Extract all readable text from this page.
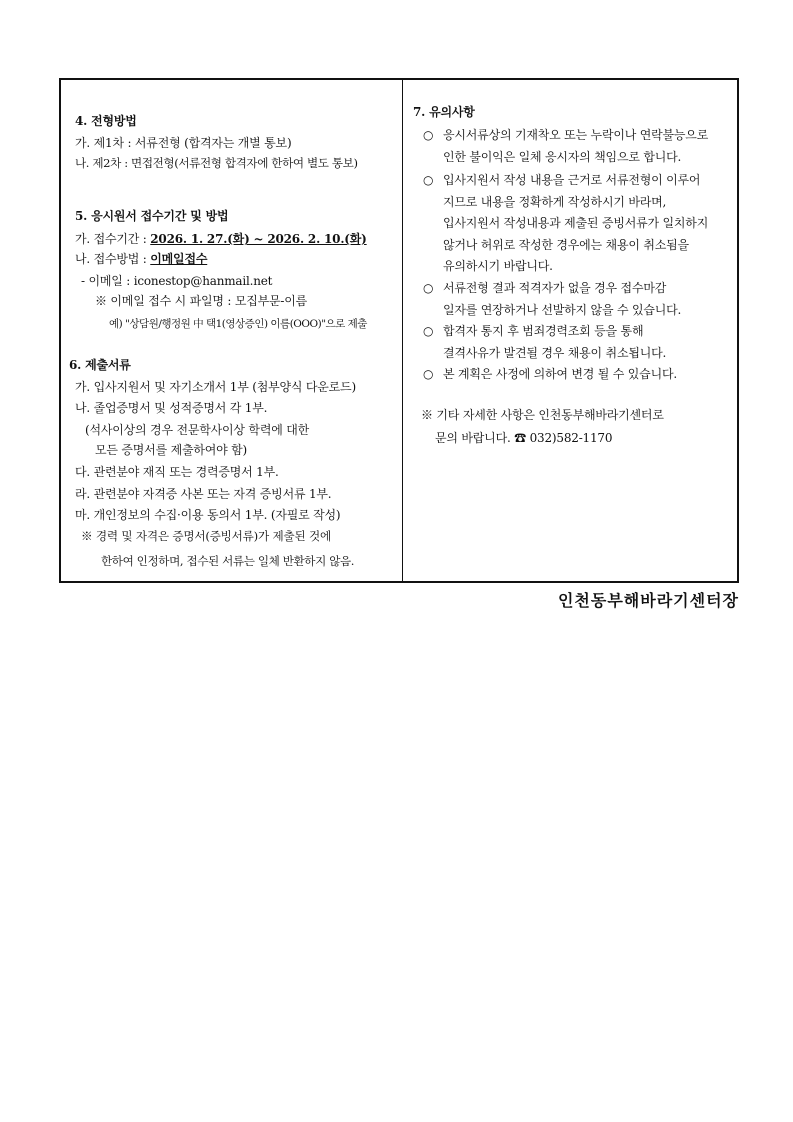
4. 전형방법
가. 제1차 : 서류전형 (합격자는 개별 통보)
나. 제2차 : 면접전형(서류전형 합격자에 한하여 별도 통보)
5. 응시원서 접수기간 및 방법
가. 접수기간 : 2026. 1. 27.(화) ~ 2026. 2. 10.(화)
나. 접수방법 : 이메일접수
- 이메일 : iconestop@hanmail.net
※ 이메일 접수 시 파일명 : 모집부문-이름
예) "상담원/행정원 中 택1(영상증인) 이름(OOO)"으로 제출
6. 제출서류
가. 입사지원서 및 자기소개서 1부 (첨부양식 다운로드)
나. 졸업증명서 및 성적증명서 각 1부.
(석사이상의 경우 전문학사이상 학력에 대한
모든 증명서를 제출하여야 함)
다. 관련분야 재직 또는 경력증명서 1부.
라. 관련분야 자격증 사본 또는 자격 증빙서류 1부.
마. 개인정보의 수집·이용 동의서 1부. (자필로 작성)
※ 경력 및 자격은 증명서(증빙서류)가 제출된 것에
한하여 인정하며, 접수된 서류는 일체 반환하지 않음.
7. 유의사항
○ 응시서류상의 기재착오 또는 누락이나 연락불능으로
인한 불이익은 일체 응시자의 책임으로 합니다.
○ 입사지원서 작성 내용을 근거로 서류전형이 이루어
지므로 내용을 정확하게 작성하시기 바라며,
입사지원서 작성내용과 제출된 증빙서류가 일치하지
않거나 허위로 작성한 경우에는 채용이 취소됨을
유의하시기 바랍니다.
○ 서류전형 결과 적격자가 없을 경우 접수마감
일자를 연장하거나 선발하지 않을 수 있습니다.
○ 합격자 통지 후 범죄경력조회 등을 통해
결격사유가 발견될 경우 채용이 취소됩니다.
○ 본 계획은 사정에 의하여 변경 될 수 있습니다.
※ 기타 자세한 사항은 인천동부해바라기센터로
문의 바랍니다. ☎ 032)582-1170
인천동부해바라기센터장
